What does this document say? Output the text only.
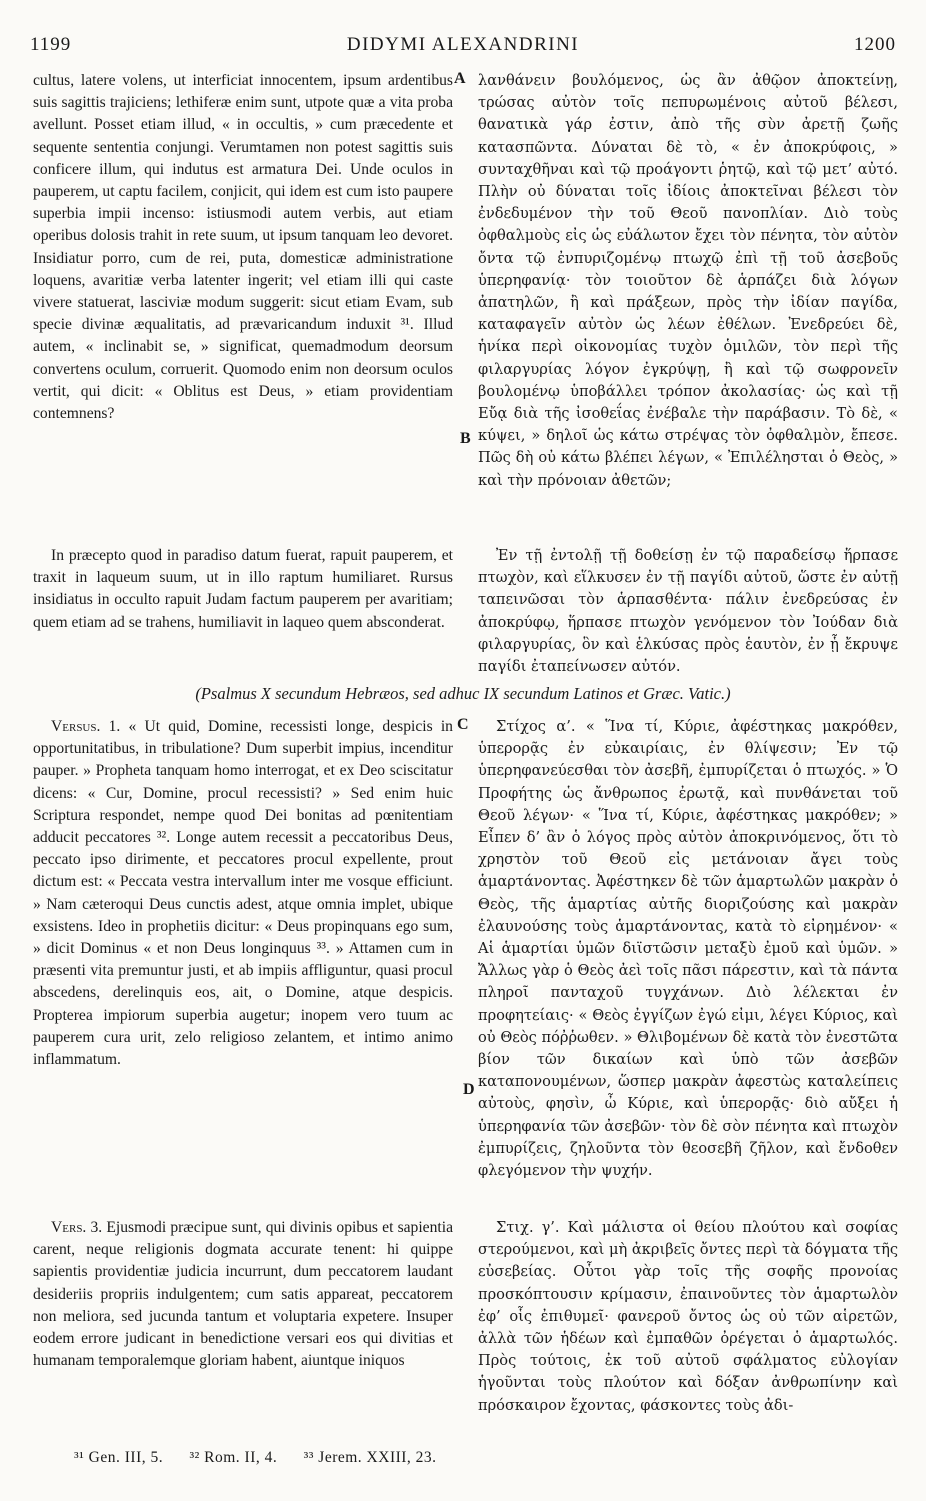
1199	DIDYMI ALEXANDRINI	1200
cultus, latere volens, ut interficiat innocentem, ipsum ardentibus suis sagittis trajiciens; lethiferæ enim sunt, utpote quæ a vita proba avellunt. Posset etiam illud, « in occultis, » cum præcedente et sequente sententia conjungi. Verumtamen non potest sagittis suis conficere illum, qui indutus est armatura Dei. Unde oculos in pauperem, ut captu facilem, conjicit, qui idem est cum isto paupere superbia impii incenso: istiusmodi autem verbis, aut etiam operibus dolosis trahit in rete suum, ut ipsum tanquam leo devoret. Insidiatur porro, cum de rei, puta, domesticæ administratione loquens, avaritiæ verba latenter ingerit; vel etiam illi qui caste vivere statuerat, lasciviæ modum suggerit: sicut etiam Evam, sub specie divinæ æqualitatis, ad prævaricandum induxit ³¹. Illud autem, « inclinabit se, » significat, quemadmodum deorsum convertens oculum, corruerit. Quomodo enim non deorsum oculos vertit, qui dicit: « Oblitus est Deus, » etiam providentiam contemnens?
λανθάνειν βουλόμενος, ὡς ἂν ἀθῷον ἀποκτείνῃ, τρώσας αὐτὸν τοῖς πεπυρωμένοις αὐτοῦ βέλεσι, θανατικὰ γάρ ἐστιν, ἀπὸ τῆς σὺν ἀρετῇ ζωῆς κατασπῶντα. Δύναται δὲ τὸ, « ἐν ἀποκρύφοις, » συνταχθῆναι καὶ τῷ προάγοντι ῥητῷ, καὶ τῷ μετ’ αὐτό. Πλὴν οὐ δύναται τοῖς ἰδίοις ἀποκτεῖναι βέλεσι τὸν ἐνδεδυμένον τὴν τοῦ Θεοῦ πανοπλίαν. Διὸ τοὺς ὀφθαλμοὺς εἰς ὡς εὐάλωτον ἔχει τὸν πένητα, τὸν αὐτὸν ὄντα τῷ ἐνπυριζομένῳ πτωχῷ ἐπὶ τῇ τοῦ ἀσεβοῦς ὑπερηφανίᾳ· τὸν τοιοῦτον δὲ ἁρπάζει διὰ λόγων ἀπατηλῶν, ἢ καὶ πράξεων, πρὸς τὴν ἰδίαν παγίδα, καταφαγεῖν αὐτὸν ὡς λέων ἐθέλων. Ἐνεδρεύει δὲ, ἡνίκα περὶ οἰκονομίας τυχὸν ὁμιλῶν, τὸν περὶ τῆς φιλαργυρίας λόγον ἐγκρύψῃ, ἢ καὶ τῷ σωφρονεῖν βουλομένῳ ὑποβάλλει τρόπον ἀκολασίας· ὡς καὶ τῇ Εὔᾳ διὰ τῆς ἰσοθεΐας ἐνέβαλε τὴν παράβασιν. Τὸ δὲ, « κύψει, » δηλοῖ ὡς κάτω στρέψας τὸν ὀφθαλμὸν, ἔπεσε. Πῶς δὴ οὐ κάτω βλέπει λέγων, « Ἐπιλέλησται ὁ Θεὸς, » καὶ τὴν πρόνοιαν ἀθετῶν;
In præcepto quod in paradiso datum fuerat, rapuit pauperem, et traxit in laqueum suum, ut in illo raptum humiliaret. Rursus insidiatus in occulto rapuit Judam factum pauperem per avaritiam; quem etiam ad se trahens, humiliavit in laqueo quem absconderat.
Ἐν τῇ ἐντολῇ τῇ δοθείσῃ ἐν τῷ παραδείσῳ ἥρπασε πτωχὸν, καὶ εἵλκυσεν ἐν τῇ παγίδι αὐτοῦ, ὥστε ἐν αὐτῇ ταπεινῶσαι τὸν ἁρπασθέντα· πάλιν ἐνεδρεύσας ἐν ἀποκρύφῳ, ἥρπασε πτωχὸν γενόμενον τὸν Ἰούδαν διὰ φιλαργυρίας, ὃν καὶ ἑλκύσας πρὸς ἑαυτὸν, ἐν ᾗ ἔκρυψε παγίδι ἐταπείνωσεν αὐτόν.
(Psalmus X secundum Hebræos, sed adhuc IX secundum Latinos et Græc. Vatic.)
Versus. 1. « Ut quid, Domine, recessisti longe, despicis in opportunitatibus, in tribulatione? Dum superbit impius, incenditur pauper. » Propheta tanquam homo interrogat, et ex Deo sciscitatur dicens: « Cur, Domine, procul recessisti? » Sed enim huic Scriptura respondet, nempe quod Dei bonitas ad pœnitentiam adducit peccatores ³². Longe autem recessit a peccatoribus Deus, peccato ipso dirimente, et peccatores procul expellente, prout dictum est: « Peccata vestra intervallum inter me vosque efficiunt. » Nam cæteroqui Deus cunctis adest, atque omnia implet, ubique exsistens. Ideo in prophetiis dicitur: « Deus propinquans ego sum, » dicit Dominus « et non Deus longinquus ³³. » Attamen cum in præsenti vita premuntur justi, et ab impiis affliguntur, quasi procul abscedens, derelinquis eos, ait, o Domine, atque despicis. Propterea impiorum superbia augetur; inopem vero tuum ac pauperem cura urit, zelo religioso zelantem, et intimo animo inflammatum.
Στίχος α’. « Ἵνα τί, Κύριε, ἀφέστηκας μακρόθεν, ὑπερορᾷς ἐν εὐκαιρίαις, ἐν θλίψεσιν; Ἐν τῷ ὑπερηφανεύεσθαι τὸν ἀσεβῆ, ἐμπυρίζεται ὁ πτωχός. » Ὁ Προφήτης ὡς ἄνθρωπος ἐρωτᾷ, καὶ πυνθάνεται τοῦ Θεοῦ λέγων· « Ἵνα τί, Κύριε, ἀφέστηκας μακρόθεν; » Εἶπεν δ’ ἂν ὁ λόγος πρὸς αὐτὸν ἀποκρινόμενος, ὅτι τὸ χρηστὸν τοῦ Θεοῦ εἰς μετάνοιαν ἄγει τοὺς ἁμαρτάνοντας. Ἀφέστηκεν δὲ τῶν ἁμαρτωλῶν μακρὰν ὁ Θεὸς, τῆς ἁμαρτίας αὐτῆς διοριζούσης καὶ μακρὰν ἐλαυνούσης τοὺς ἁμαρτάνοντας, κατὰ τὸ εἰρημένον· « Αἱ ἁμαρτίαι ὑμῶν διϊστῶσιν μεταξὺ ἐμοῦ καὶ ὑμῶν. » Ἄλλως γὰρ ὁ Θεὸς ἀεὶ τοῖς πᾶσι πάρεστιν, καὶ τὰ πάντα πληροῖ πανταχοῦ τυγχάνων. Διὸ λέλεκται ἐν προφητείαις· « Θεὸς ἐγγίζων ἐγώ εἰμι, λέγει Κύριος, καὶ οὐ Θεὸς πόῤῥωθεν. » Θλιβομένων δὲ κατὰ τὸν ἐνεστῶτα βίον τῶν δικαίων καὶ ὑπὸ τῶν ἀσεβῶν καταπονουμένων, ὥσπερ μακρὰν ἀφεστὼς καταλείπεις αὐτοὺς, φησὶν, ὦ Κύριε, καὶ ὑπερορᾷς· διὸ αὔξει ἡ ὑπερηφανία τῶν ἀσεβῶν· τὸν δὲ σὸν πένητα καὶ πτωχὸν ἐμπυρίζεις, ζηλοῦντα τὸν θεοσεβῆ ζῆλον, καὶ ἔνδοθεν φλεγόμενον τὴν ψυχήν.
Vers. 3. Ejusmodi præcipue sunt, qui divinis opibus et sapientia carent, neque religionis dogmata accurate tenent: hi quippe sapientis providentiæ judicia incurrunt, dum peccatorem laudant desideriis propriis indulgentem; cum satis appareat, peccatorem non meliora, sed jucunda tantum et voluptaria expetere. Insuper eodem errore judicant in benedictione versari eos qui divitias et humanam temporalemque gloriam habent, aiuntque iniquos
Στιχ. γ’. Καὶ μάλιστα οἱ θείου πλούτου καὶ σοφίας στερούμενοι, καὶ μὴ ἀκριβεῖς ὄντες περὶ τὰ δόγματα τῆς εὐσεβείας. Οὗτοι γὰρ τοῖς τῆς σοφῆς προνοίας προσκόπτουσιν κρίμασιν, ἐπαινοῦντες τὸν ἁμαρτωλὸν ἐφ’ οἷς ἐπιθυμεῖ· φανεροῦ ὄντος ὡς οὐ τῶν αἱρετῶν, ἀλλὰ τῶν ἡδέων καὶ ἐμπαθῶν ὀρέγεται ὁ ἁμαρτωλός. Πρὸς τούτοις, ἐκ τοῦ αὐτοῦ σφάλματος εὐλογίαν ἡγοῦνται τοὺς πλούτον καὶ δόξαν ἀνθρωπίνην καὶ πρόσκαιρον ἔχοντας, φάσκοντες τοὺς ἀδι-
A
B
C
D
³¹ Gen. III, 5. ³² Rom. II, 4. ³³ Jerem. XXIII, 23.
